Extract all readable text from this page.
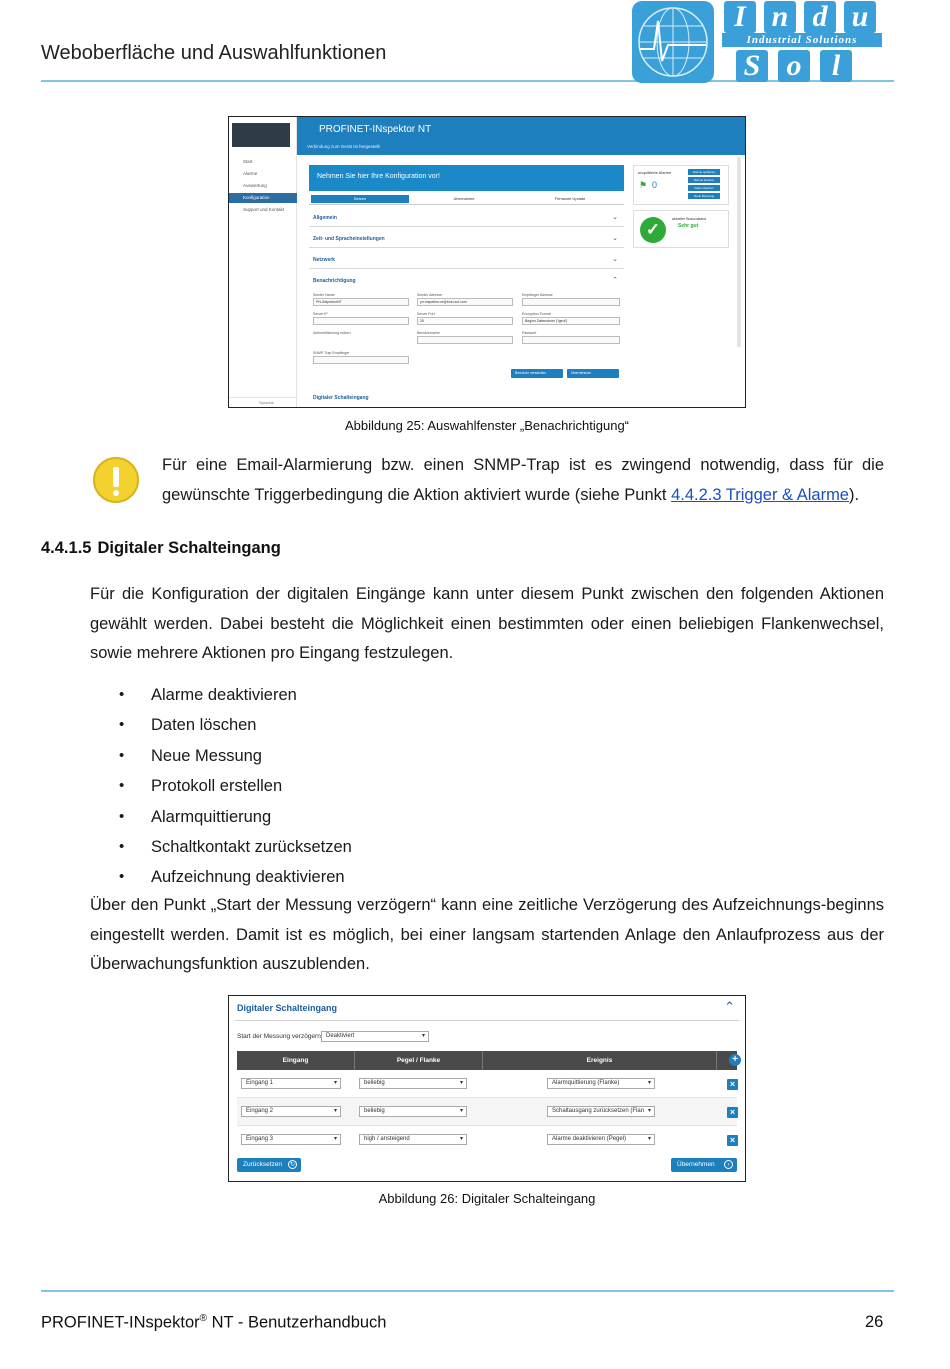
Weboberfläche und Auswahlfunktionen
I n d u
Industrial Solutions
S o	l
Start
Alarme
Auswertung
Konfiguration
Support und Kontakt
Sprache
PROFINET-INspektor NT
Verbindung zum Gerät ist hergestellt
Nehmen Sie hier Ihre Konfiguration vor!
Setzen	Übernahme	Firmware Update
Allgemein	⌄
Zeit- und Spracheinstellungen	⌄
Netzwerk	⌄
Benachrichtigung	⌃
Sender Name
PN-INspektorNT
Sender Adresse
pn-inspektor-nt@indu-sol.com
Empfänger Adresse
Server IP	Server Port
25
Encryption-Format
Beginn Datenstrom ('Igeul')
Authentifizierung nutzen	Benutzername	Passwort
SNMP-Trap Empfänger
Benutzer versenden	Übernehmen
Digitaler Schalteingang
unquittierte Alarme
0
⚑
Alarme quittieren
Alarme löschen
Daten löschen
Neue Messung
✓
aktueller Busszustand
Sehr gut
Abbildung 25: Auswahlfenster „Benachrichtigung“
Für eine Email-Alarmierung bzw. einen SNMP-Trap ist es zwingend notwendig, dass für die gewünschte Triggerbedingung die Aktion aktiviert wurde (siehe Punkt 4.4.2.3 Trigger & Alarme).
4.4.1.5 Digitaler Schalteingang
Für die Konfiguration der digitalen Eingänge kann unter diesem Punkt zwischen den folgenden Aktionen gewählt werden. Dabei besteht die Möglichkeit einen bestimmten oder einen beliebigen Flankenwechsel, sowie mehrere Aktionen pro Eingang festzulegen.
• Alarme deaktivieren
• Daten löschen
• Neue Messung
• Protokoll erstellen
• Alarmquittierung
• Schaltkontakt zurücksetzen
• Aufzeichnung deaktivieren
Über den Punkt „Start der Messung verzögern“ kann eine zeitliche Verzögerung des Aufzeichnungs-beginns eingestellt werden. Damit ist es möglich, bei einer langsam startenden Anlage den Anlaufprozess aus der Überwachungsfunktion auszublenden.
Digitaler Schalteingang	⌃
Start der Messung verzögern Deaktiviert ▾
Eingang	Pegel / Flanke	Ereignis	+
Eingang 1 ▾	beliebig ▾	Alarmquittierung (Flanke) ▾	×
Eingang 2 ▾	beliebig ▾	Schaltausgang zurücksetzen (Flan ▾	×
Eingang 3 ▾	high / ansteigend ▾	Alarme deaktivieren (Pegel) ▾	×
Zurücksetzen	↻	Übernehmen	›
Abbildung 26: Digitaler Schalteingang
PROFINET-INspektor® NT - Benutzerhandbuch	26
